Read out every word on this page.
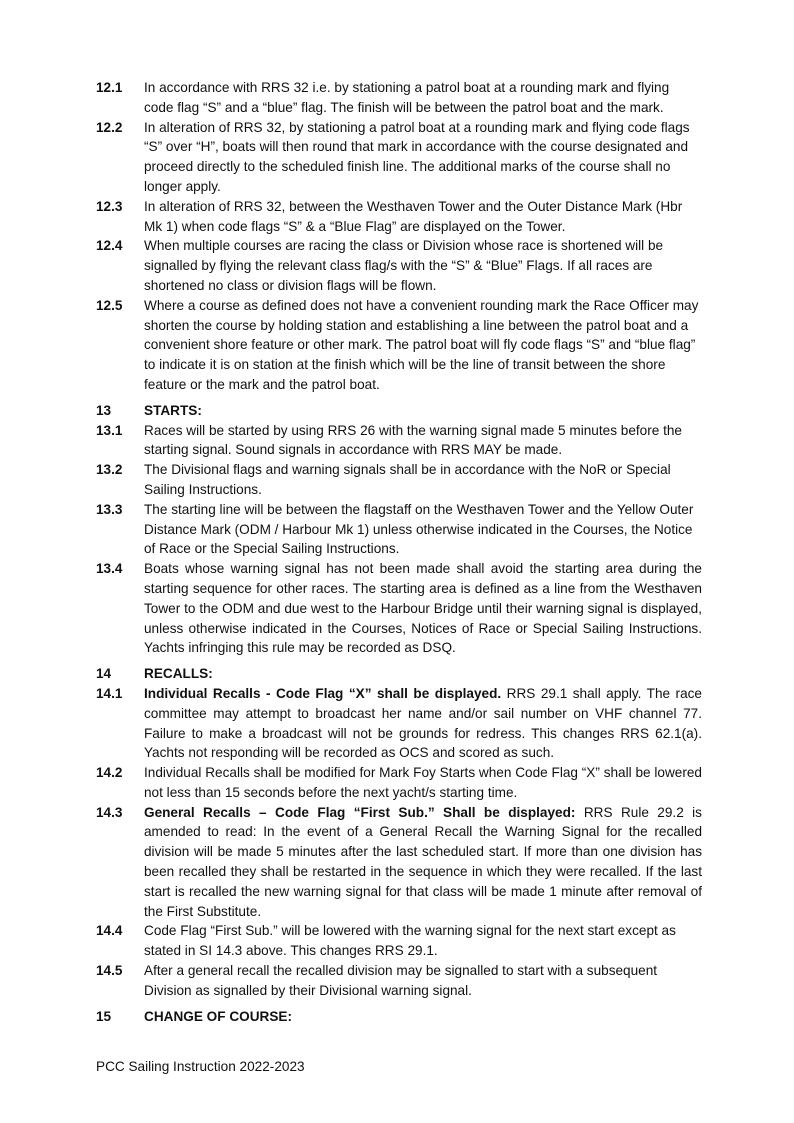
12.1	In accordance with RRS 32 i.e. by stationing a patrol boat at a rounding mark and flying code flag “S” and a “blue” flag. The finish will be between the patrol boat and the mark.
12.2	In alteration of RRS 32, by stationing a patrol boat at a rounding mark and flying code flags “S” over “H”, boats will then round that mark in accordance with the course designated and proceed directly to the scheduled finish line. The additional marks of the course shall no longer apply.
12.3	In alteration of RRS 32, between the Westhaven Tower and the Outer Distance Mark (Hbr Mk 1) when code flags “S” & a “Blue Flag” are displayed on the Tower.
12.4	When multiple courses are racing the class or Division whose race is shortened will be signalled by flying the relevant class flag/s with the “S” & “Blue” Flags. If all races are shortened no class or division flags will be flown.
12.5	Where a course as defined does not have a convenient rounding mark the Race Officer may shorten the course by holding station and establishing a line between the patrol boat and a convenient shore feature or other mark. The patrol boat will fly code flags “S” and “blue flag” to indicate it is on station at the finish which will be the line of transit between the shore feature or the mark and the patrol boat.
13	STARTS:
13.1	Races will be started by using RRS 26 with the warning signal made 5 minutes before the starting signal. Sound signals in accordance with RRS MAY be made.
13.2	The Divisional flags and warning signals shall be in accordance with the NoR or Special Sailing Instructions.
13.3	The starting line will be between the flagstaff on the Westhaven Tower and the Yellow Outer Distance Mark (ODM / Harbour Mk 1) unless otherwise indicated in the Courses, the Notice of Race or the Special Sailing Instructions.
13.4	Boats whose warning signal has not been made shall avoid the starting area during the starting sequence for other races. The starting area is defined as a line from the Westhaven Tower to the ODM and due west to the Harbour Bridge until their warning signal is displayed, unless otherwise indicated in the Courses, Notices of Race or Special Sailing Instructions. Yachts infringing this rule may be recorded as DSQ.
14	RECALLS:
14.1	Individual Recalls - Code Flag “X” shall be displayed. RRS 29.1 shall apply. The race committee may attempt to broadcast her name and/or sail number on VHF channel 77. Failure to make a broadcast will not be grounds for redress. This changes RRS 62.1(a). Yachts not responding will be recorded as OCS and scored as such.
14.2	Individual Recalls shall be modified for Mark Foy Starts when Code Flag “X” shall be lowered not less than 15 seconds before the next yacht/s starting time.
14.3	General Recalls – Code Flag “First Sub.” Shall be displayed: RRS Rule 29.2 is amended to read: In the event of a General Recall the Warning Signal for the recalled division will be made 5 minutes after the last scheduled start. If more than one division has been recalled they shall be restarted in the sequence in which they were recalled. If the last start is recalled the new warning signal for that class will be made 1 minute after removal of the First Substitute.
14.4	Code Flag “First Sub.” will be lowered with the warning signal for the next start except as stated in SI 14.3 above. This changes RRS 29.1.
14.5	After a general recall the recalled division may be signalled to start with a subsequent Division as signalled by their Divisional warning signal.
15	CHANGE OF COURSE:
PCC Sailing Instruction 2022-2023
